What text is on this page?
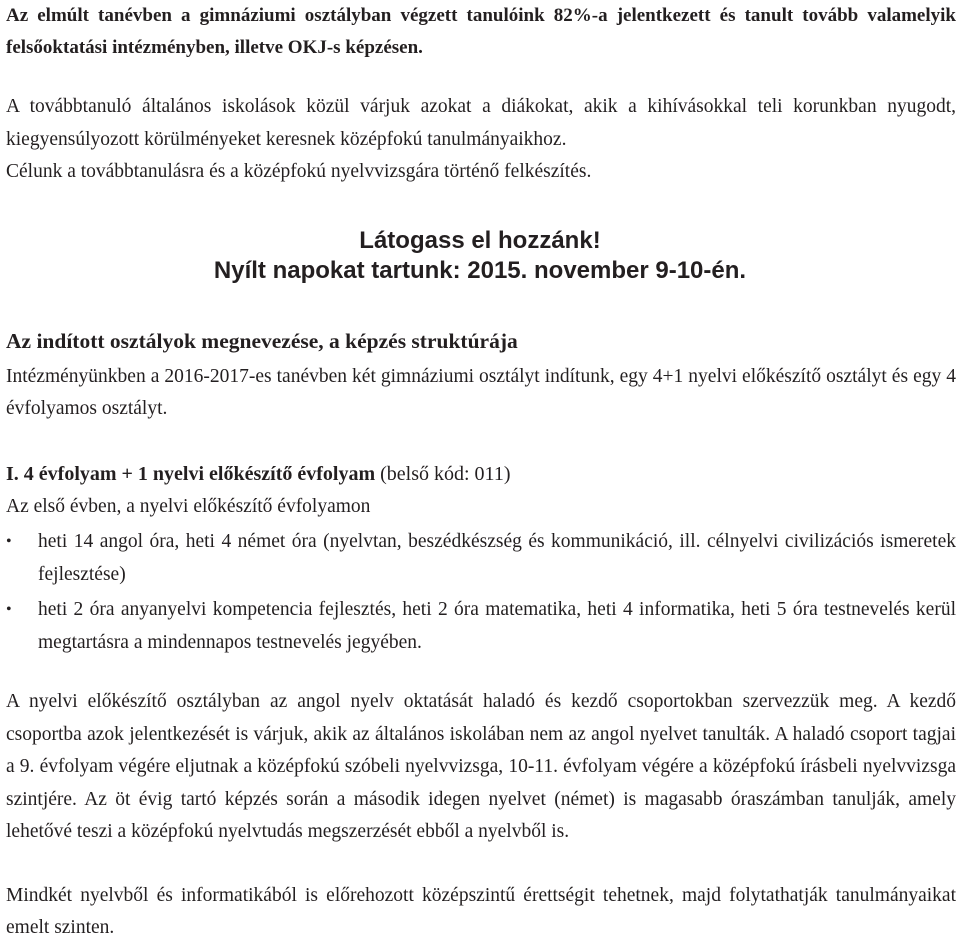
Az elmúlt tanévben a gimnáziumi osztályban végzett tanulóink 82%-a jelentkezett és tanult tovább valamelyik felsőoktatási intézményben, illetve OKJ-s képzésen.
A továbbtanuló általános iskolások közül várjuk azokat a diákokat, akik a kihívásokkal teli korunkban nyugodt, kiegyensúlyozott körülményeket keresnek középfokú tanulmányaikhoz.
Célunk a továbbtanulásra és a középfokú nyelvvizsgára történő felkészítés.
Látogass el hozzánk!
Nyílt napokat tartunk: 2015. november 9-10-én.
Az indított osztályok megnevezése, a képzés struktúrája
Intézményünkben a 2016-2017-es tanévben két gimnáziumi osztályt indítunk, egy 4+1 nyelvi előkészítő osztályt és egy 4 évfolyamos osztályt.
I. 4 évfolyam + 1 nyelvi előkészítő évfolyam (belső kód: 011)
Az első évben, a nyelvi előkészítő évfolyamon
• heti 14 angol óra, heti 4 német óra (nyelvtan, beszédkészség és kommunikáció, ill. célnyelvi civilizációs ismeretek fejlesztése)
• heti 2 óra anyanyelvi kompetencia fejlesztés, heti 2 óra matematika, heti 4 informatika, heti 5 óra testnevelés kerül megtartásra a mindennapos testnevelés jegyében.
A nyelvi előkészítő osztályban az angol nyelv oktatását haladó és kezdő csoportokban szervezzük meg. A kezdő csoportba azok jelentkezését is várjuk, akik az általános iskolában nem az angol nyelvet tanulták. A haladó csoport tagjai a 9. évfolyam végére eljutnak a középfokú szóbeli nyelvvizsga, 10-11. évfolyam végére a középfokú írásbeli nyelvvizsga szintjére. Az öt évig tartó képzés során a második idegen nyelvet (német) is magasabb óraszámban tanulják, amely lehetővé teszi a középfokú nyelvtudás megszerzését ebből a nyelvből is.
Mindkét nyelvből és informatikából is előrehozott középszintű érettségit tehetnek, majd folytathatják tanulmányaikat emelt szinten.
